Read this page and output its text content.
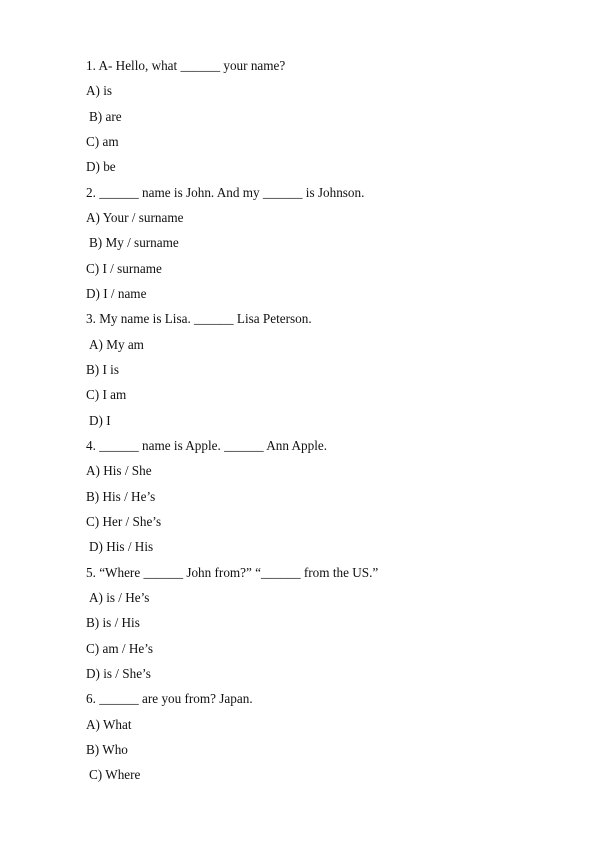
1. A- Hello, what ______ your name?
A) is
B) are
C) am
D) be
2. ______ name is John. And my ______ is Johnson.
A) Your / surname
B) My / surname
C) I / surname
D) I / name
3. My name is Lisa. ______ Lisa Peterson.
A) My am
B) I is
C) I am
D) I
4. ______ name is Apple. ______ Ann Apple.
A) His / She
B) His / He’s
C) Her / She’s
D) His / His
5. “Where ______ John from?” “______ from the US.”
A) is / He’s
B) is / His
C) am / He’s
D) is / She’s
6. ______ are you from? Japan.
A) What
B) Who
C) Where
